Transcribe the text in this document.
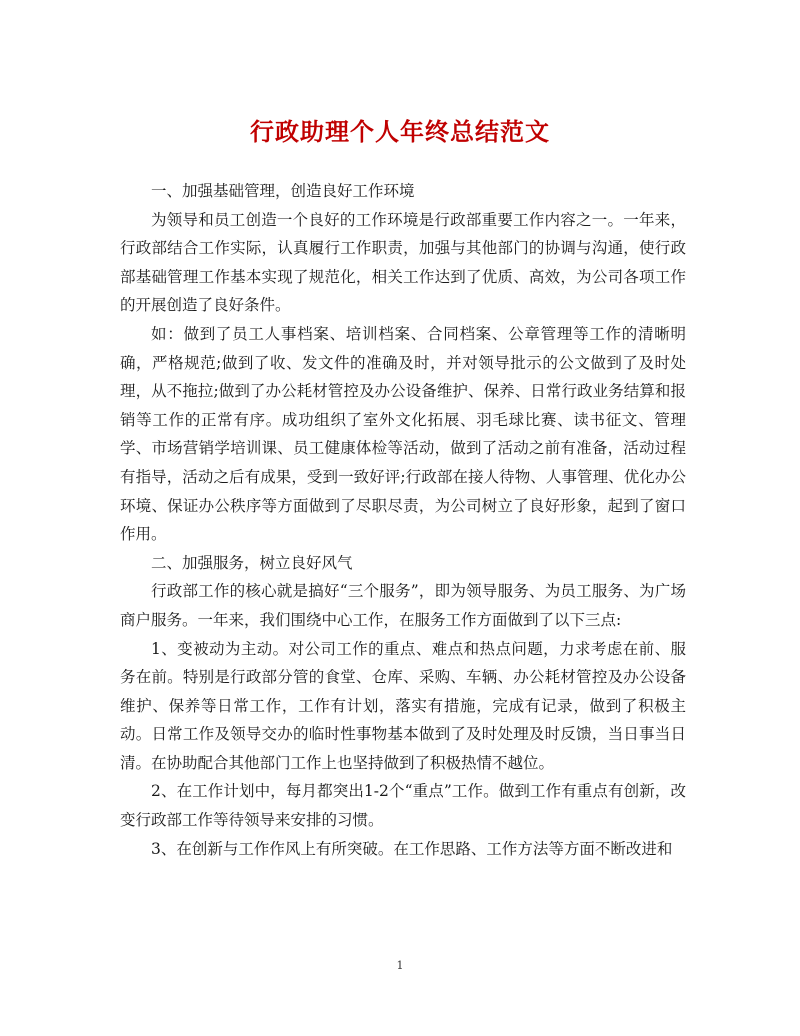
行政助理个人年终总结范文

一、加强基础管理，创造良好工作环境

为领导和员工创造一个良好的工作环境是行政部重要工作内容之一。一年来，行政部结合工作实际，认真履行工作职责，加强与其他部门的协调与沟通，使行政部基础管理工作基本实现了规范化，相关工作达到了优质、高效，为公司各项工作的开展创造了良好条件。

如：做到了员工人事档案、培训档案、合同档案、公章管理等工作的清晰明确，严格规范;做到了收、发文件的准确及时，并对领导批示的公文做到了及时处理，从不拖拉;做到了办公耗材管控及办公设备维护、保养、日常行政业务结算和报销等工作的正常有序。成功组织了室外文化拓展、羽毛球比赛、读书征文、管理学、市场营销学培训课、员工健康体检等活动，做到了活动之前有准备，活动过程有指导，活动之后有成果，受到一致好评;行政部在接人待物、人事管理、优化办公环境、保证办公秩序等方面做到了尽职尽责，为公司树立了良好形象，起到了窗口作用。

二、加强服务，树立良好风气

行政部工作的核心就是搞好“三个服务”，即为领导服务、为员工服务、为广场商户服务。一年来，我们围绕中心工作，在服务工作方面做到了以下三点:

1、变被动为主动。对公司工作的重点、难点和热点问题，力求考虑在前、服务在前。特别是行政部分管的食堂、仓库、采购、车辆、办公耗材管控及办公设备维护、保养等日常工作，工作有计划，落实有措施，完成有记录，做到了积极主动。日常工作及领导交办的临时性事物基本做到了及时处理及时反馈，当日事当日清。在协助配合其他部门工作上也坚持做到了积极热情不越位。

2、在工作计划中，每月都突出1-2个“重点”工作。做到工作有重点有创新，改变行政部工作等待领导来安排的习惯。

3、在创新与工作作风上有所突破。在工作思路、工作方法等方面不断改进和

1
